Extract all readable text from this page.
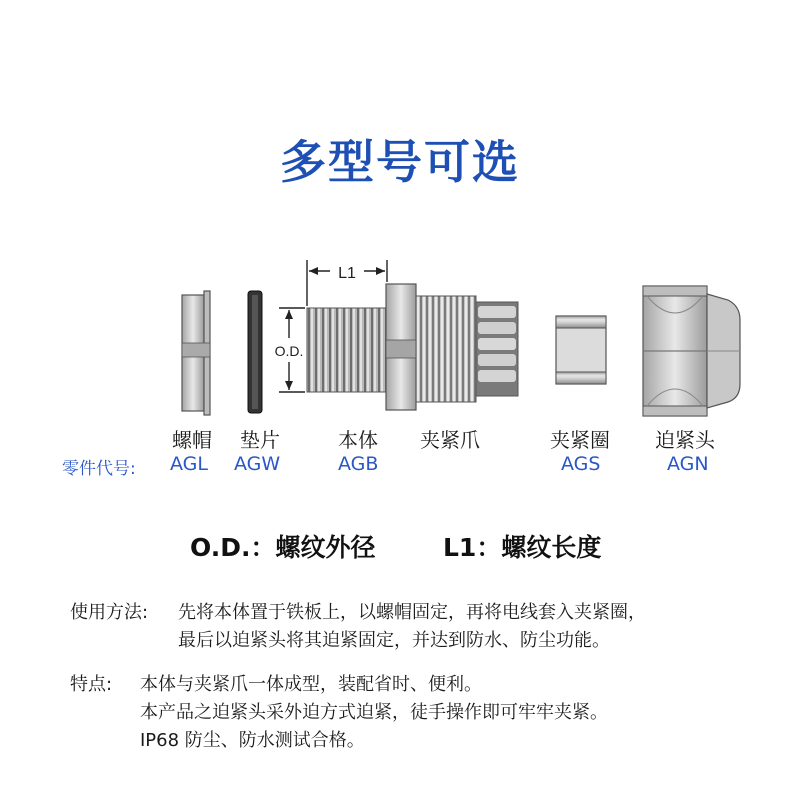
多型号可选
L1
O.D.
螺帽 垫片	本体 夹紧爪	夹紧圈 迫紧头
零件代号: AGL AGW	AGB	AGS	AGN
O.D.：螺纹外径	L1：螺纹长度
使用方法: 先将本体置于铁板上，以螺帽固定，再将电线套入夹紧圈，
最后以迫紧头将其迫紧固定，并达到防水、防尘功能。
特点: 本体与夹紧爪一体成型，装配省时、便利。
本产品之迫紧头采外迫方式迫紧，徒手操作即可牢牢夹紧。
IP68 防尘、防水测试合格。
